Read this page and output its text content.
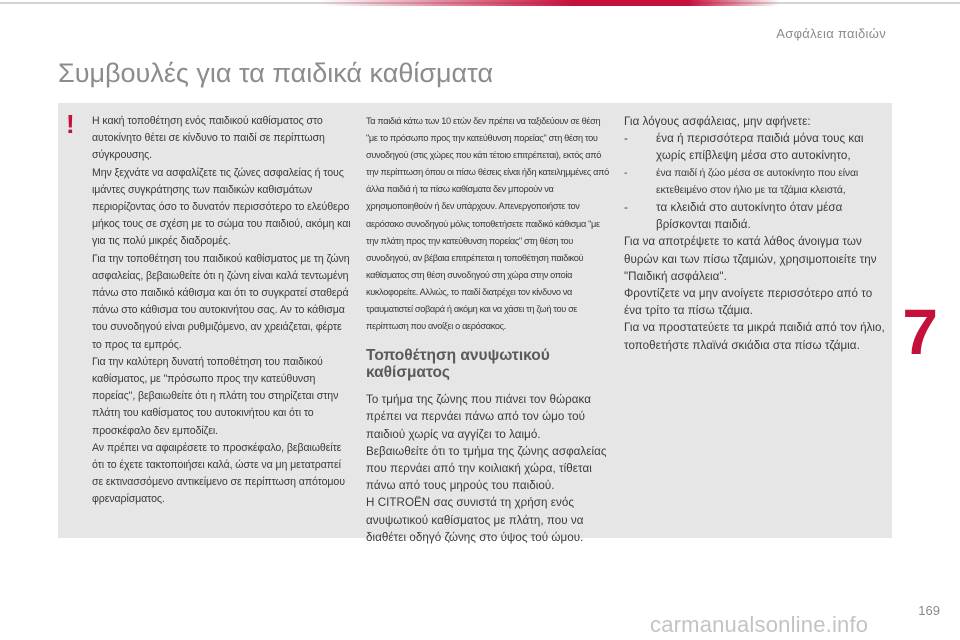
Ασφάλεια παιδιών
Συμβουλές για τα παιδικά καθίσματα
7
! Η κακή τοποθέτηση ενός παιδικού καθίσματος στο αυτοκίνητο θέτει σε κίνδυνο το παιδί σε περίπτωση σύγκρουσης.

Μην ξεχνάτε να ασφαλίζετε τις ζώνες ασφαλείας ή τους ιμάντες συγκράτησης των παιδικών καθισμάτων περιορίζοντας όσο το δυνατόν περισσότερο το ελεύθερο μήκος τους σε σχέση με το σώμα του παιδιού, ακόμη και για τις πολύ μικρές διαδρομές.

Για την τοποθέτηση του παιδικού καθίσματος με τη ζώνη ασφαλείας, βεβαιωθείτε ότι η ζώνη είναι καλά τεντωμένη πάνω στο παιδικό κάθισμα και ότι το συγκρατεί σταθερά πάνω στο κάθισμα του αυτοκινήτου σας. Αν το κάθισμα του συνοδηγού είναι ρυθμιζόμενο, αν χρειάζεται, φέρτε το προς τα εμπρός.

Για την καλύτερη δυνατή τοποθέτηση του παιδικού καθίσματος, με "πρόσωπο προς την κατεύθυνση πορείας", βεβαιωθείτε ότι η πλάτη του στηρίζεται στην πλάτη του καθίσματος του αυτοκινήτου και ότι το προσκέφαλο δεν εμποδίζει.

Αν πρέπει να αφαιρέσετε το προσκέφαλο, βεβαιωθείτε ότι το έχετε τακτοποιήσει καλά, ώστε να μη μετατραπεί σε εκτινασσόμενο αντικείμενο σε περίπτωση απότομου φρεναρίσματος.

Τα παιδιά κάτω των 10 ετών δεν πρέπει να ταξιδεύουν σε θέση "με το πρόσωπο προς την κατεύθυνση πορείας" στη θέση του συνοδηγού (στις χώρες που κάτι τέτοιο επιτρέπεται), εκτός από την περίπτωση όπου οι πίσω θέσεις είναι ήδη κατειλημμένες από άλλα παιδιά ή τα πίσω καθίσματα δεν μπορούν να χρησιμοποιηθούν ή δεν υπάρχουν. Απενεργοποιήστε τον αερόσακο συνοδηγού μόλις τοποθετήσετε παιδικό κάθισμα "με την πλάτη προς την κατεύθυνση πορείας" στη θέση του συνοδηγού, αν βέβαια επιτρέπεται η τοποθέτηση παιδικού καθίσματος στη θέση συνοδηγού στη χώρα στην οποία κυκλοφορείτε. Αλλιώς, το παιδί διατρέχει τον κίνδυνο να τραυματιστεί σοβαρά ή ακόμη και να χάσει τη ζωή του σε περίπτωση που ανοίξει ο αερόσακος.

Τοποθέτηση ανυψωτικού καθίσματος

Το τμήμα της ζώνης που πιάνει τον θώρακα πρέπει να περνάει πάνω από τον ώμο τού παιδιού χωρίς να αγγίζει το λαιμό.

Βεβαιωθείτε ότι το τμήμα της ζώνης ασφαλείας που περνάει από την κοιλιακή χώρα, τίθεται πάνω από τους μηρούς του παιδιού.

Η CITROËN σας συνιστά τη χρήση ενός ανυψωτικού καθίσματος με πλάτη, που να διαθέτει οδηγό ζώνης στο ύψος τού ώμου.

Για λόγους ασφάλειας, μην αφήνετε:

- ένα ή περισσότερα παιδιά μόνα τους και χωρίς επίβλεψη μέσα στο αυτοκίνητο,
- ένα παιδί ή ζώο μέσα σε αυτοκίνητο που είναι εκτεθειμένο στον ήλιο με τα τζάμια κλειστά,
- τα κλειδιά στο αυτοκίνητο όταν μέσα βρίσκονται παιδιά.

Για να αποτρέψετε το κατά λάθος άνοιγμα των θυρών και των πίσω τζαμιών, χρησιμοποιείτε την "Παιδική ασφάλεια".

Φροντίζετε να μην ανοίγετε περισσότερο από το ένα τρίτο τα πίσω τζάμια.

Για να προστατεύετε τα μικρά παιδιά από τον ήλιο, τοποθετήστε πλαϊνά σκιάδια στα πίσω τζάμια.

169
carmanualsonline.info
